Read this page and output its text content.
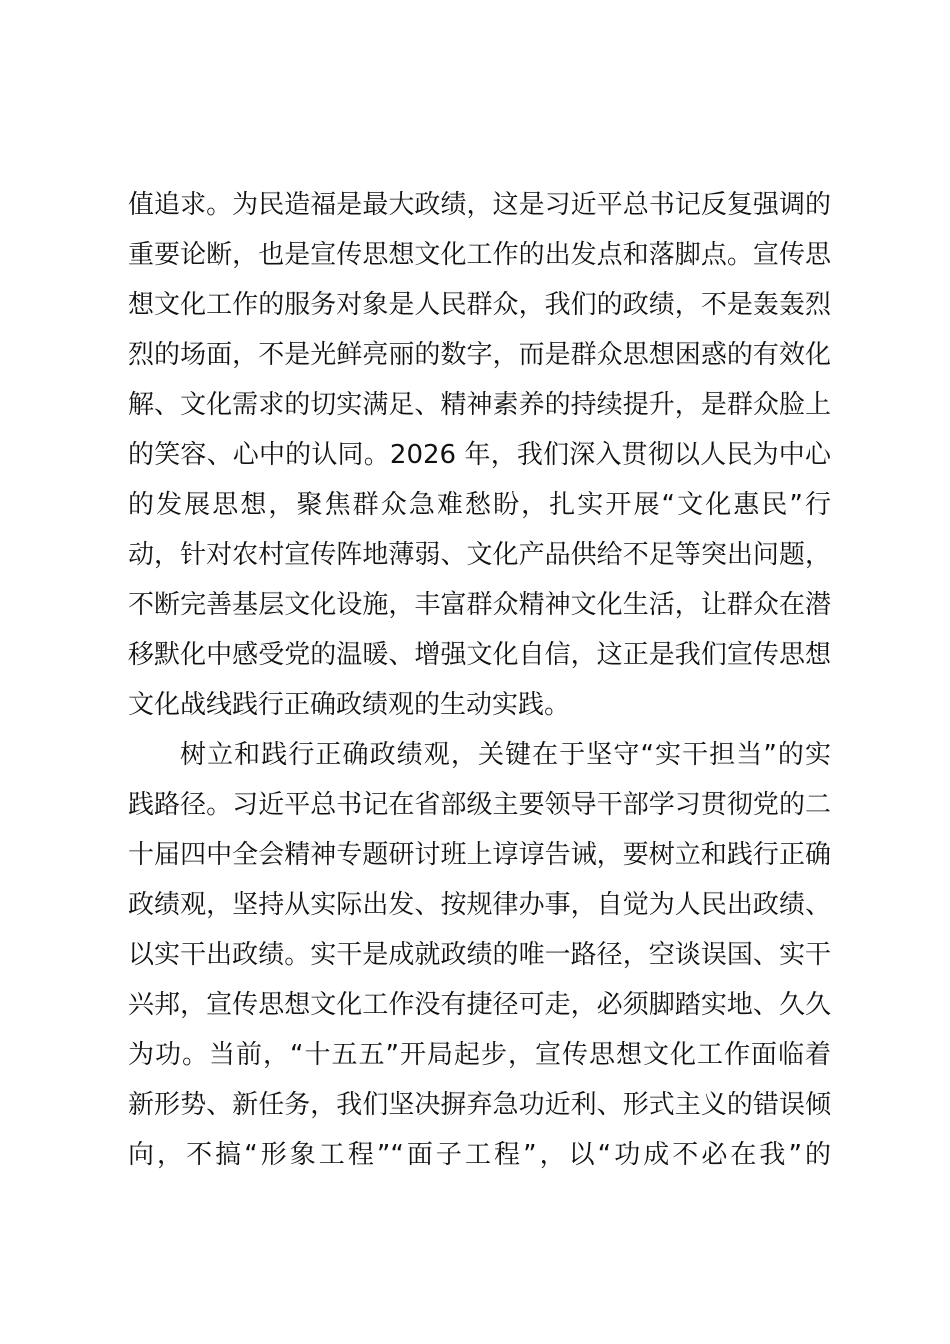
值追求。为民造福是最大政绩，这是习近平总书记反复强调的
重要论断，也是宣传思想文化工作的出发点和落脚点。宣传思
想文化工作的服务对象是人民群众，我们的政绩，不是轰轰烈
烈的场面，不是光鲜亮丽的数字，而是群众思想困惑的有效化
解、文化需求的切实满足、精神素养的持续提升，是群众脸上
的笑容、心中的认同。2026 年，我们深入贯彻以人民为中心
的发展思想，聚焦群众急难愁盼，扎实开展“文化惠民”行
动，针对农村宣传阵地薄弱、文化产品供给不足等突出问题，
不断完善基层文化设施，丰富群众精神文化生活，让群众在潜
移默化中感受党的温暖、增强文化自信，这正是我们宣传思想
文化战线践行正确政绩观的生动实践。
树立和践行正确政绩观，关键在于坚守“实干担当”的实
践路径。习近平总书记在省部级主要领导干部学习贯彻党的二
十届四中全会精神专题研讨班上谆谆告诫，要树立和践行正确
政绩观，坚持从实际出发、按规律办事，自觉为人民出政绩、
以实干出政绩。实干是成就政绩的唯一路径，空谈误国、实干
兴邦，宣传思想文化工作没有捷径可走，必须脚踏实地、久久
为功。当前，“十五五”开局起步，宣传思想文化工作面临着
新形势、新任务，我们坚决摒弃急功近利、形式主义的错误倾
向，不搞“形象工程”“面子工程”，以“功成不必在我”的
